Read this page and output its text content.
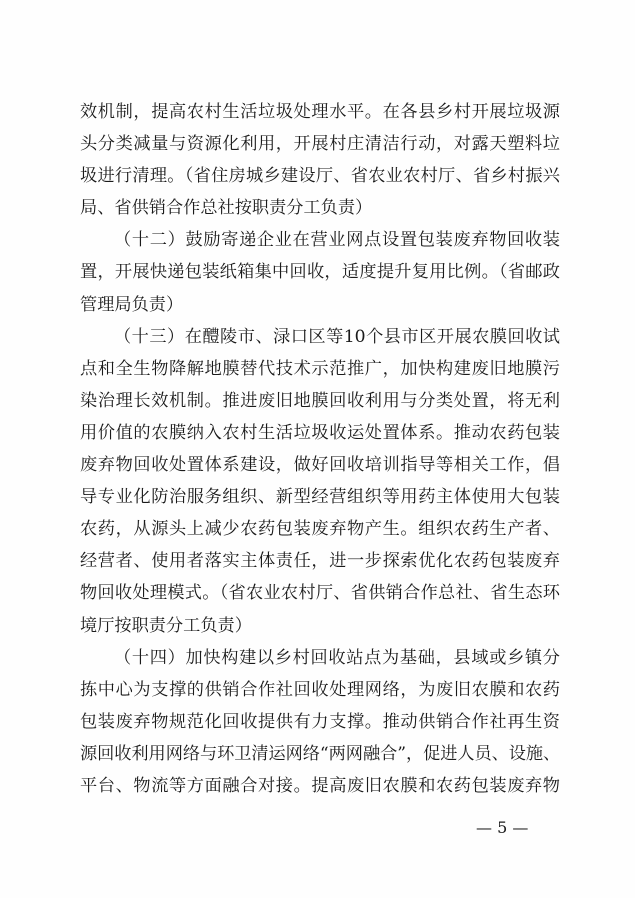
效机制，提高农村生活垃圾处理水平。在各县乡村开展垃圾源
头分类减量与资源化利用，开展村庄清洁行动，对露天塑料垃
圾进行清理。（省住房城乡建设厅、省农业农村厅、省乡村振兴
局、省供销合作总社按职责分工负责）
（十二）鼓励寄递企业在营业网点设置包装废弃物回收装
置，开展快递包装纸箱集中回收，适度提升复用比例。（省邮政
管理局负责）
（十三）在醴陵市、渌口区等10个县市区开展农膜回收试
点和全生物降解地膜替代技术示范推广，加快构建废旧地膜污
染治理长效机制。推进废旧地膜回收利用与分类处置，将无利
用价值的农膜纳入农村生活垃圾收运处置体系。推动农药包装
废弃物回收处置体系建设，做好回收培训指导等相关工作，倡
导专业化防治服务组织、新型经营组织等用药主体使用大包装
农药，从源头上减少农药包装废弃物产生。组织农药生产者、
经营者、使用者落实主体责任，进一步探索优化农药包装废弃
物回收处理模式。（省农业农村厅、省供销合作总社、省生态环
境厅按职责分工负责）
（十四）加快构建以乡村回收站点为基础，县域或乡镇分
拣中心为支撑的供销合作社回收处理网络，为废旧农膜和农药
包装废弃物规范化回收提供有力支撑。推动供销合作社再生资
源回收利用网络与环卫清运网络“两网融合”，促进人员、设施、
平台、物流等方面融合对接。提高废旧农膜和农药包装废弃物
— 5 —
